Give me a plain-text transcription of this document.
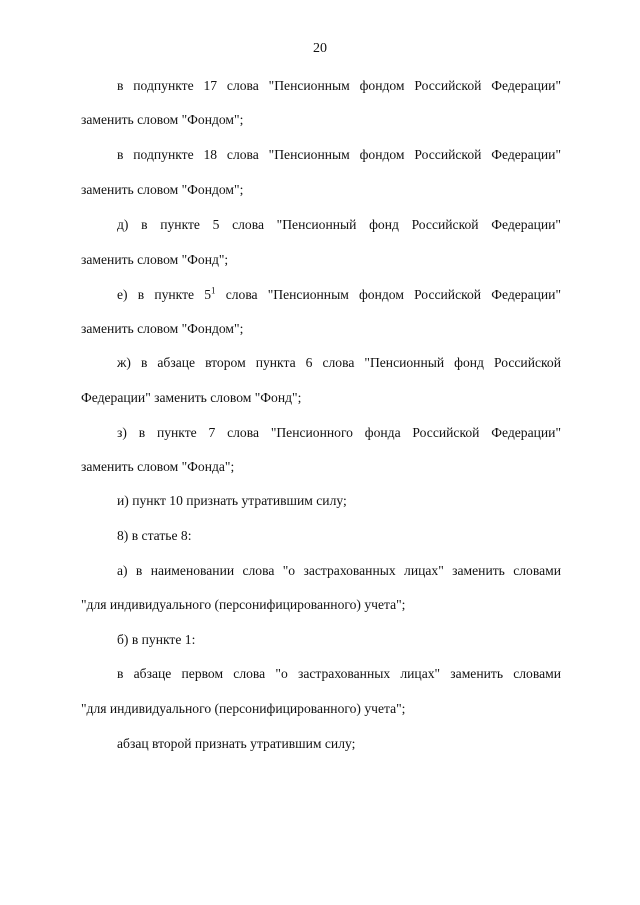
20
в подпункте 17 слова "Пенсионным фондом Российской Федерации"
заменить словом "Фондом";
в подпункте 18 слова "Пенсионным фондом Российской Федерации"
заменить словом "Фондом";
д) в пункте 5 слова "Пенсионный фонд Российской Федерации"
заменить словом "Фонд";
е) в пункте $5^1$ слова "Пенсионным фондом Российской Федерации"
заменить словом "Фондом";
ж) в абзаце втором пункта 6 слова "Пенсионный фонд Российской
Федерации" заменить словом "Фонд";
з) в пункте 7 слова "Пенсионного фонда Российской Федерации"
заменить словом "Фонда";
и) пункт 10 признать утратившим силу;
8) в статье 8:
а) в наименовании слова "о застрахованных лицах" заменить словами
"для индивидуального (персонифицированного) учета";
б) в пункте 1:
в абзаце первом слова "о застрахованных лицах" заменить словами
"для индивидуального (персонифицированного) учета";
абзац второй признать утратившим силу;
